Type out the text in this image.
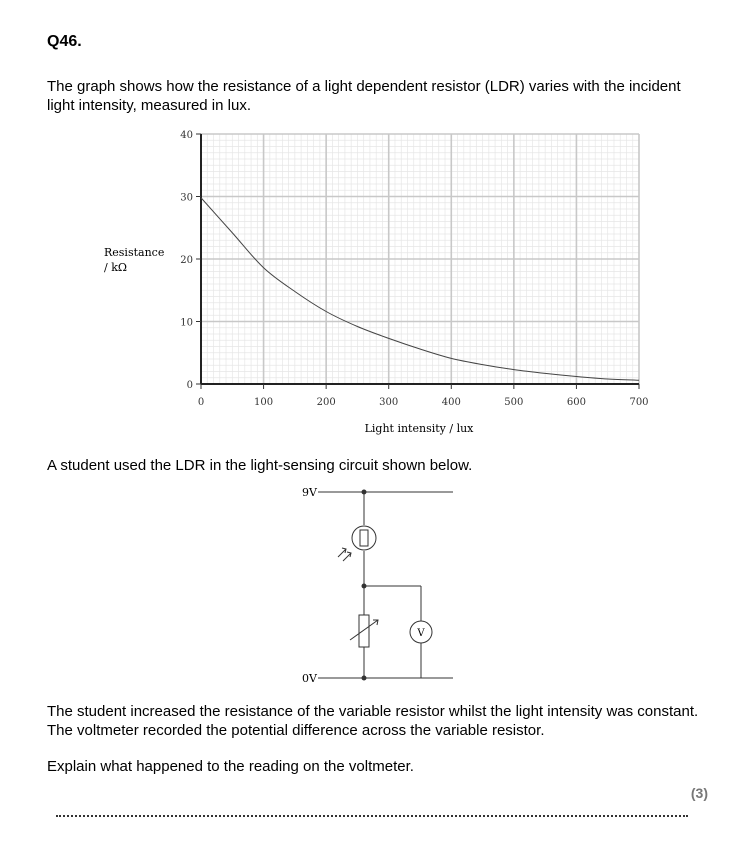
Q46.
The graph shows how the resistance of a light dependent resistor (LDR) varies with the incident light intensity, measured in lux.
0	100	200	300	400	500	600	700
0
10
20
30
40
Resistance
/ kΩ
Light intensity / lux
A student used the LDR in the light-sensing circuit shown below.
9V
0V
V
The student increased the resistance of the variable resistor whilst the light intensity was constant. The voltmeter recorded the potential difference across the variable resistor.
Explain what happened to the reading on the voltmeter.
(3)
